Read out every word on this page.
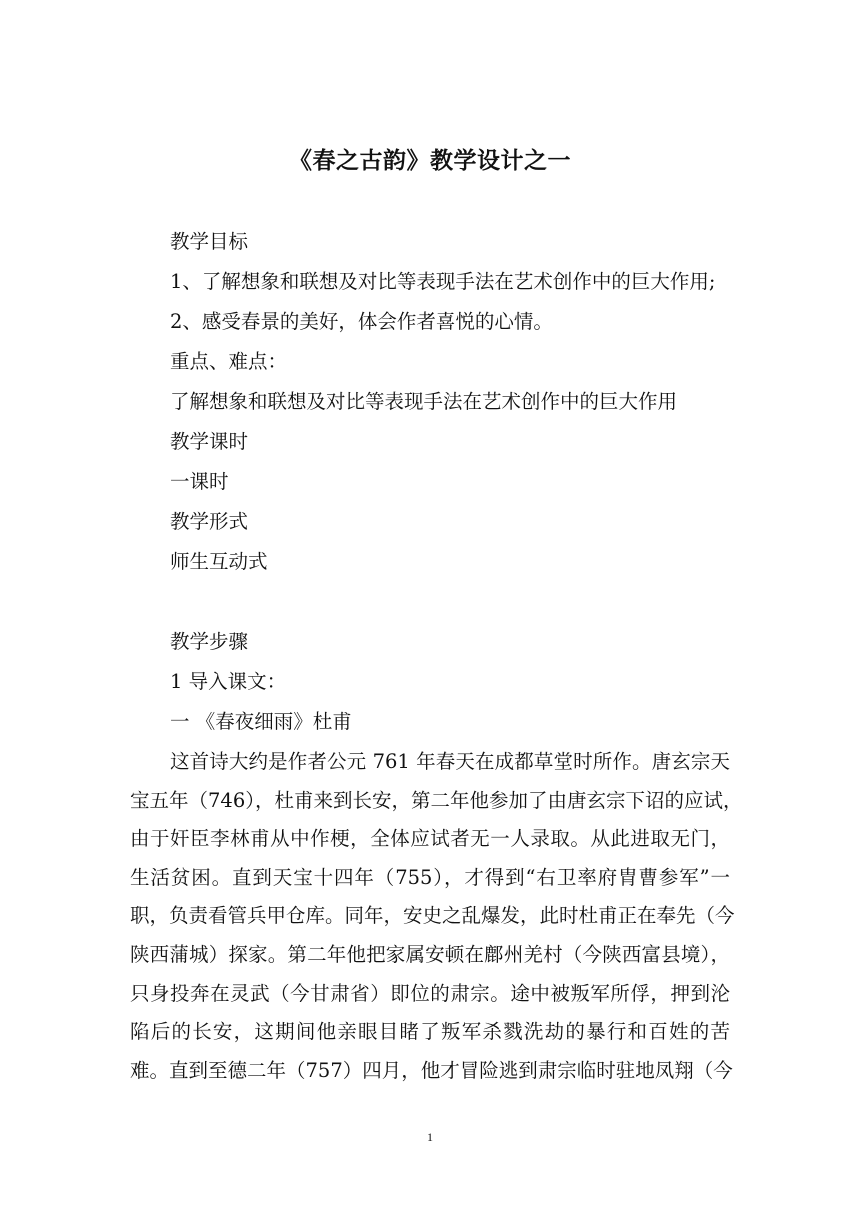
《春之古韵》教学设计之一
教学目标
1、了解想象和联想及对比等表现手法在艺术创作中的巨大作用;
2、感受春景的美好，体会作者喜悦的心情。
重点、难点：
了解想象和联想及对比等表现手法在艺术创作中的巨大作用
教学课时
一课时
教学形式
师生互动式
教学步骤
1 导入课文：
一 《春夜细雨》杜甫
这首诗大约是作者公元 761 年春天在成都草堂时所作。唐玄宗天
宝五年（746），杜甫来到长安，第二年他参加了由唐玄宗下诏的应试，
由于奸臣李林甫从中作梗，全体应试者无一人录取。从此进取无门，
生活贫困。直到天宝十四年（755），才得到“右卫率府胄曹参军”一
职，负责看管兵甲仓库。同年，安史之乱爆发，此时杜甫正在奉先（今
陕西蒲城）探家。第二年他把家属安顿在鄜州羌村（今陕西富县境），
只身投奔在灵武（今甘肃省）即位的肃宗。途中被叛军所俘，押到沦
陷后的长安，这期间他亲眼目睹了叛军杀戮洗劫的暴行和百姓的苦
难。直到至德二年（757）四月，他才冒险逃到肃宗临时驻地凤翔（今
1
